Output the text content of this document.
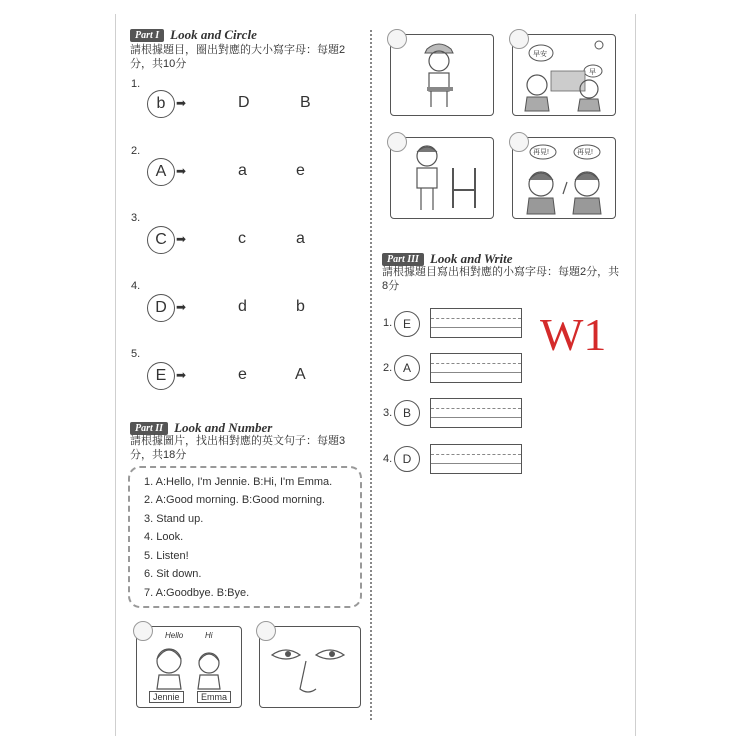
Part I Look and Circle
請根據題目，圈出對應的大小寫字母：每題2分，共10分
1.
b ➡	D	B
2.
A ➡	a	e
3.
C ➡	c	a
4.
D ➡	d	b
5.
E ➡	e	A
Part II Look and Number
請根據圖片，找出相對應的英文句子：每題3分，共18分
1. A:Hello, I'm Jennie. B:Hi, I'm Emma.
2. A:Good morning. B:Good morning.
3. Stand up.
4. Look.
5. Listen!
6. Sit down.
7. A:Goodbye. B:Bye.
Hello	Hi
Jennie	Emma
早安
早
再見!	再見!
Part III Look and Write
請根據題目寫出相對應的小寫字母：每題2分，共8分
1. E
2. A
3. B
4. D
W1
